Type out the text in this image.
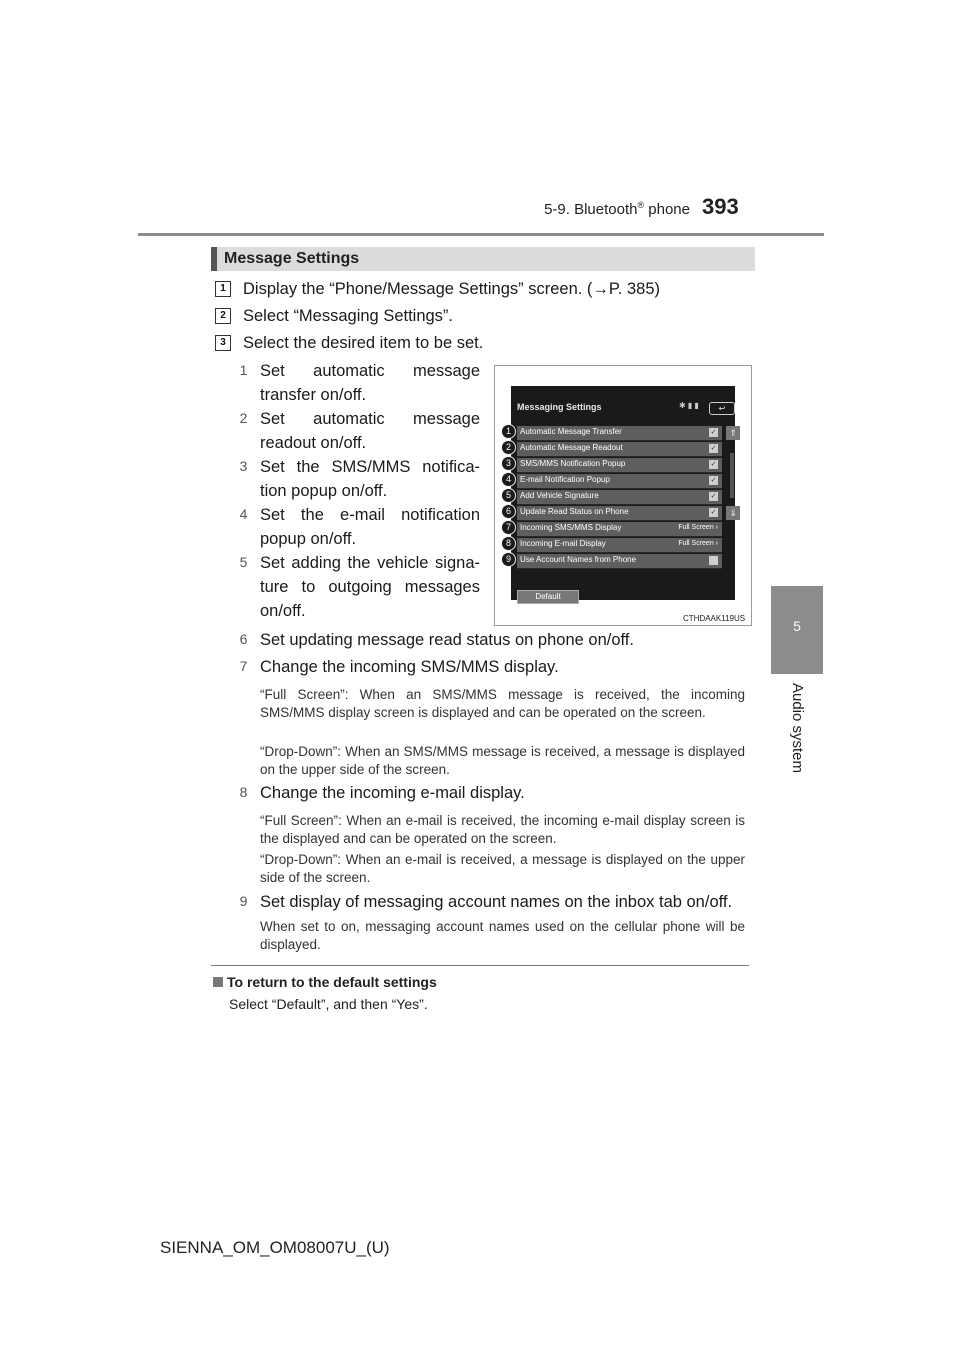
5-9. Bluetooth® phone 393
5
Audio system
Message Settings
1	Display the “Phone/Message Settings” screen. (→P. 385)
2	Select “Messaging Settings”.
3	Select the desired item to be set.
1 Set automatic message
transfer on/off.
2 Set automatic message
readout on/off.
3 Set the SMS/MMS notifica-
tion popup on/off.
4 Set the e-mail notification
popup on/off.
5 Set adding the vehicle signa-
ture to outgoing messages
on/off.
Messaging Settings	✱ ▮ ▮	↩
Automatic Message Transfer	✓
Automatic Message Readout	✓
SMS/MMS Notification Popup	✓
E-mail Notification Popup	✓
Add Vehicle Signature	✓
Update Read Status on Phone	✓
Incoming SMS/MMS Display	Full Screen ›
Incoming E-mail Display	Full Screen ›
Use Account Names from Phone
⇑
⇓
Default
1
2
3
4
5
6
7
8
9
CTHDAAK119US
6 Set updating message read status on phone on/off.
7 Change the incoming SMS/MMS display.
“Full Screen”: When an SMS/MMS message is received, the incoming SMS/MMS display screen is displayed and can be operated on the screen.
“Drop-Down”: When an SMS/MMS message is received, a message is displayed on the upper side of the screen.
8 Change the incoming e-mail display.
“Full Screen”: When an e-mail is received, the incoming e-mail display screen is the displayed and can be operated on the screen.
“Drop-Down”: When an e-mail is received, a message is displayed on the upper side of the screen.
9 Set display of messaging account names on the inbox tab on/off.
When set to on, messaging account names used on the cellular phone will be displayed.
To return to the default settings
Select “Default”, and then “Yes”.
SIENNA_OM_OM08007U_(U)
